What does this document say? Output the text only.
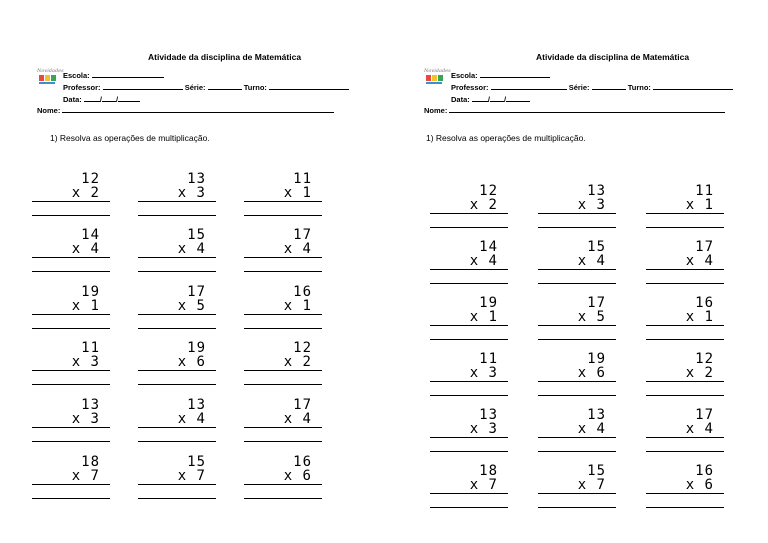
Atividade da disciplina de Matemática
Novidades Escola:
Professor:	Série:	Turno:
Data: / /
Nome:
1) Resolva as operações de multiplicação.
12
x 2
13
x 3
11
x 1
14
x 4
15
x 4
17
x 4
19
x 1
17
x 5
16
x 1
11
x 3
19
x 6
12
x 2
13
x 3
13
x 4
17
x 4
18
x 7
15
x 7
16
x 6
Atividade da disciplina de Matemática
Novidades Escola:
Professor:	Série:	Turno:
Data: / /
Nome:
1) Resolva as operações de multiplicação.
12
x 2
13
x 3
11
x 1
14
x 4
15
x 4
17
x 4
19
x 1
17
x 5
16
x 1
11
x 3
19
x 6
12
x 2
13
x 3
13
x 4
17
x 4
18
x 7
15
x 7
16
x 6
